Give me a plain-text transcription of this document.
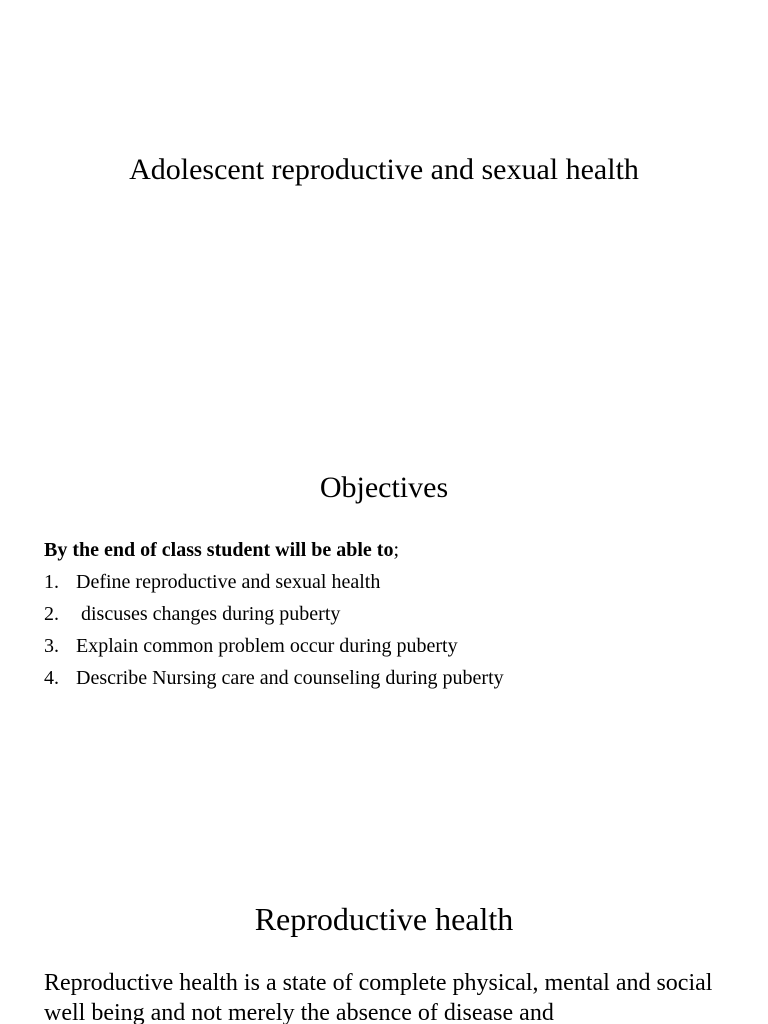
Adolescent reproductive and sexual health
Objectives
By the end of class student will be able to;
1. Define reproductive and sexual health
2. discuses changes during puberty
3. Explain common problem occur during puberty
4. Describe Nursing care and counseling during puberty
Reproductive health

Reproductive health is a state of complete physical, mental and social well being and not merely the absence of disease and
